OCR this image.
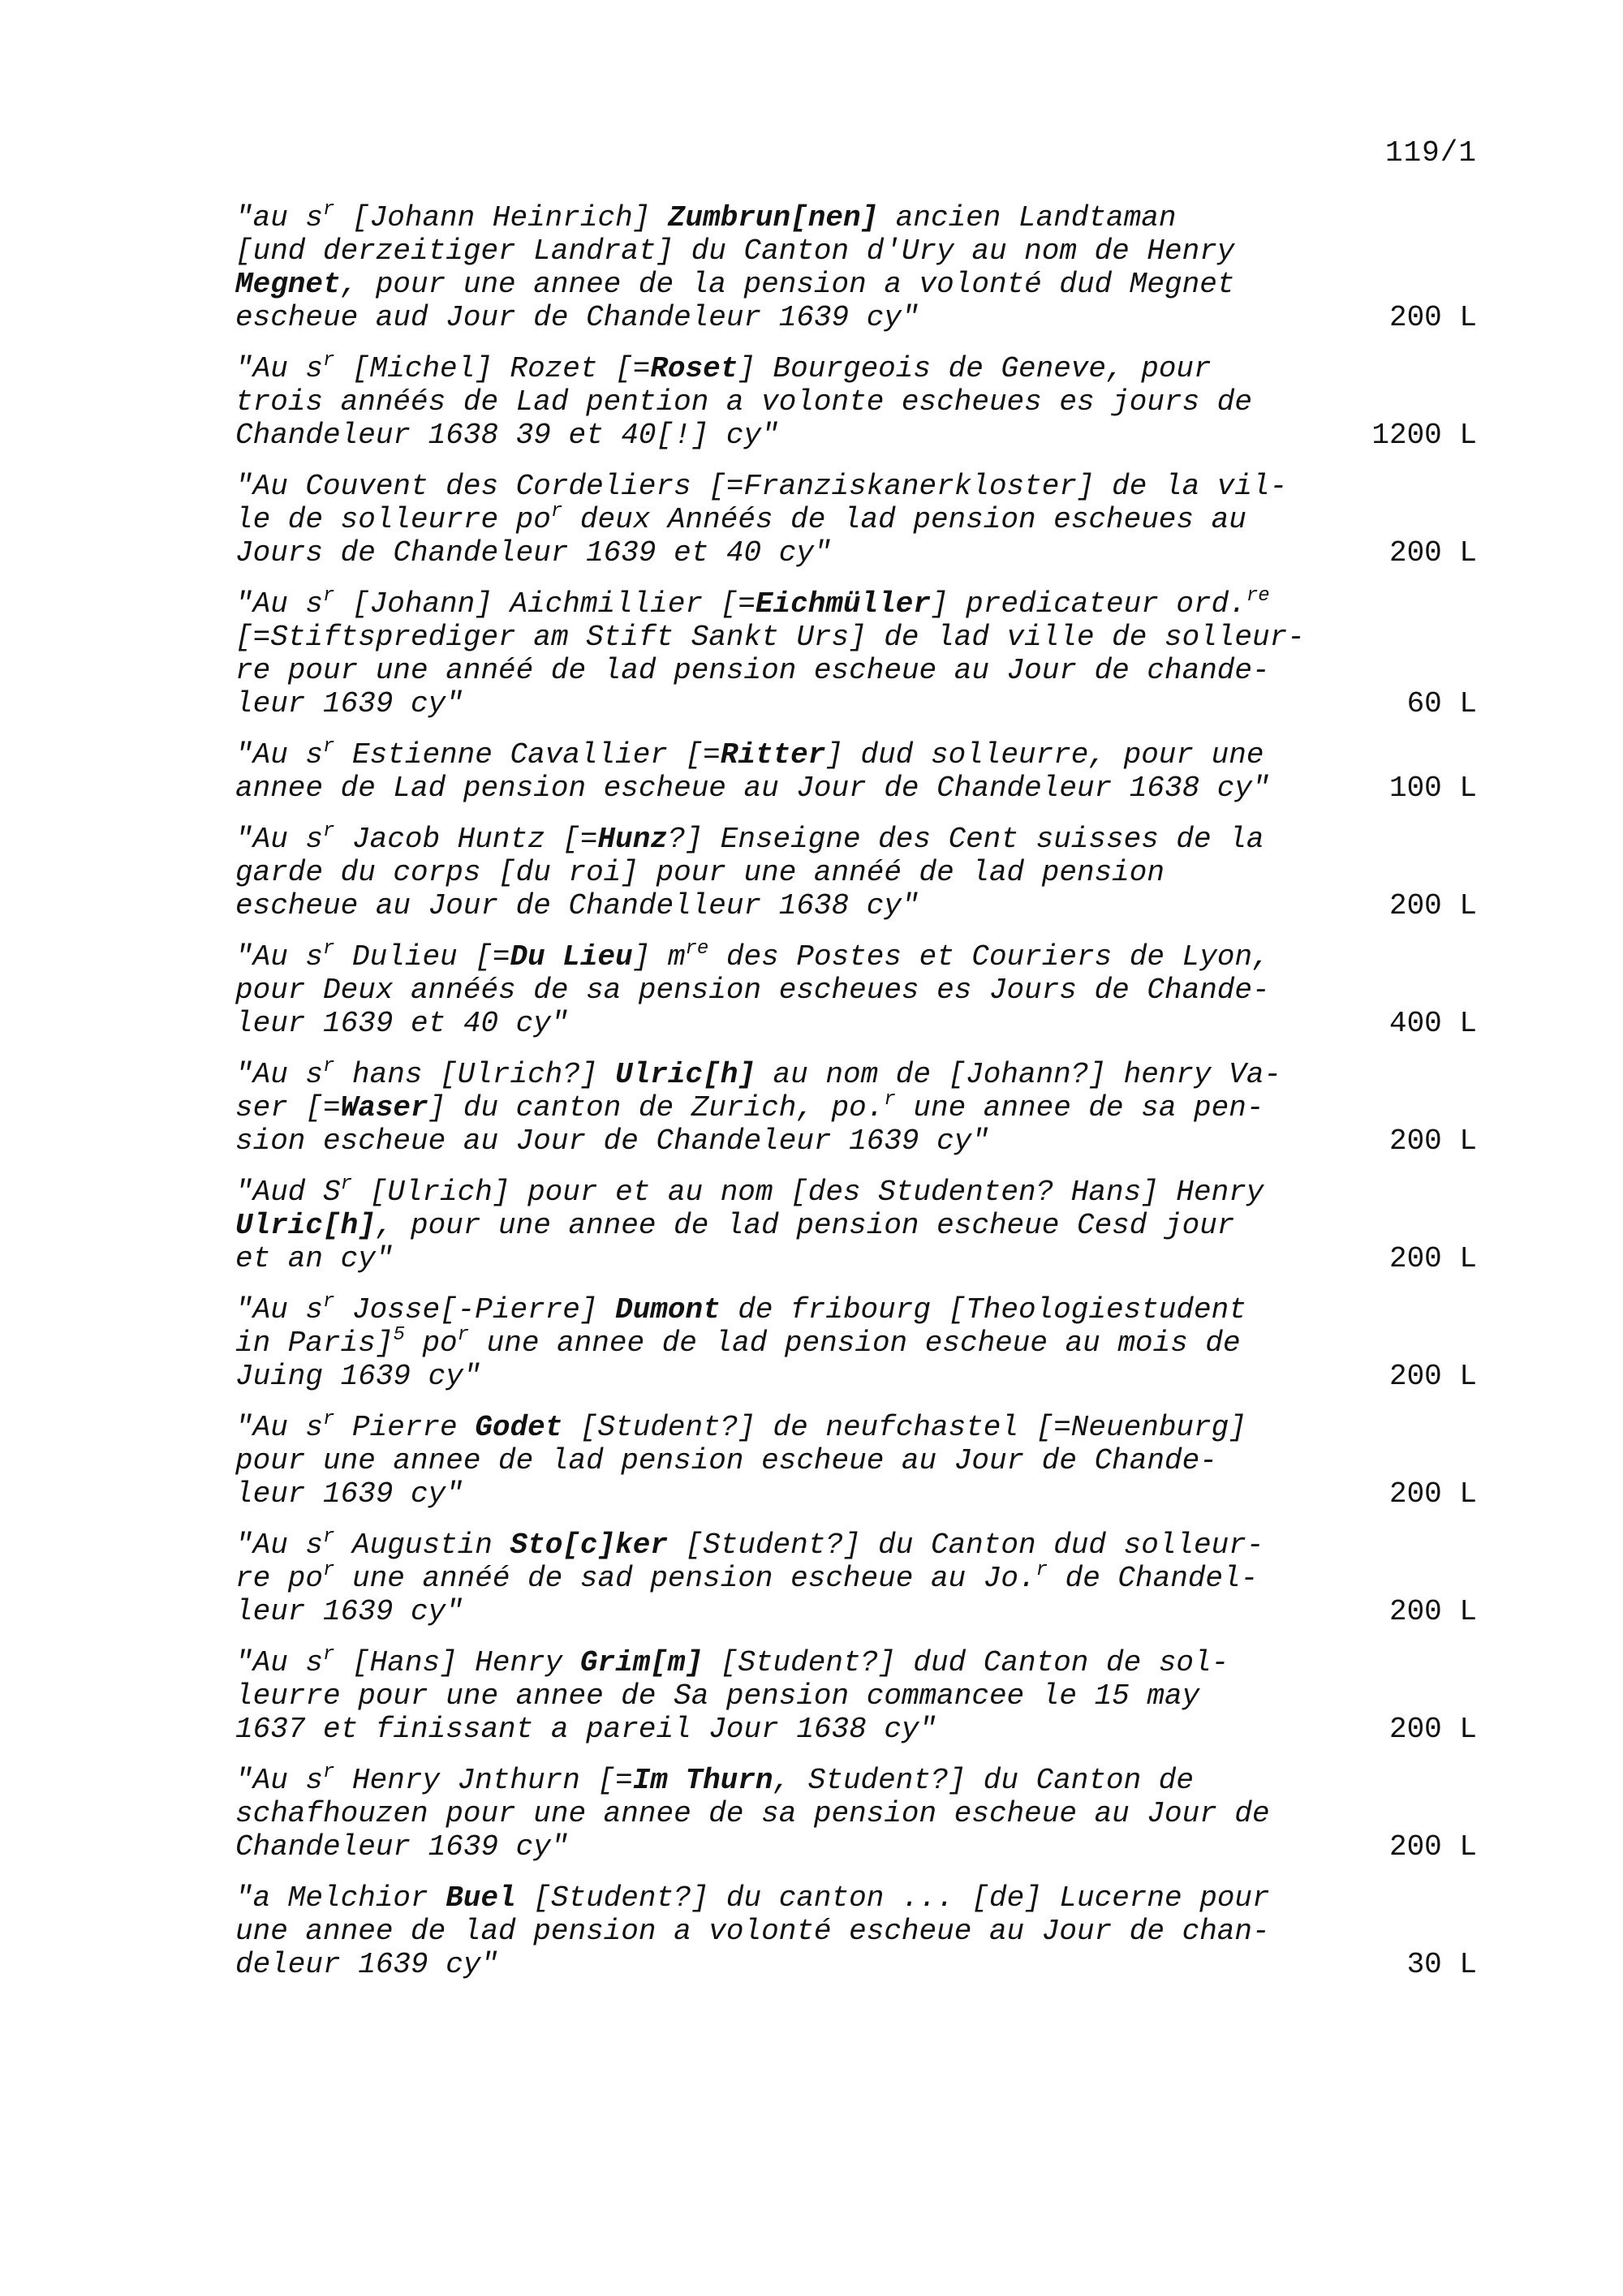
119/1
"au $s^r$ [Johann Heinrich] Zumbrun[nen] ancien Landtaman
[und derzeitiger Landrat] du Canton d'Ury au nom de Henry
Megnet, pour une annee de la pension a volonté dud Megnet
escheue aud Jour de Chandeleur 1639 cy"	200 L
"Au $s^r$ [Michel] Rozet [=Roset] Bourgeois de Geneve, pour
trois annéés de Lad pention a volonte escheues es jours de
Chandeleur 1638 39 et 40[!] cy"	1200 L
"Au Couvent des Cordeliers [=Franziskanerkloster] de la vil-
le de solleurre $po^r$ deux Annéés de lad pension escheues au
Jours de Chandeleur 1639 et 40 cy"	200 L
"Au $s^r$ [Johann] Aichmillier [=Eichmüller] predicateur ord.$^{re}$
[=Stiftsprediger am Stift Sankt Urs] de lad ville de solleur-
re pour une annéé de lad pension escheue au Jour de chande-
leur 1639 cy"	60 L
"Au $s^r$ Estienne Cavallier [=Ritter] dud solleurre, pour une
annee de Lad pension escheue au Jour de Chandeleur 1638 cy"	100 L
"Au $s^r$ Jacob Huntz [=Hunz?] Enseigne des Cent suisses de la
garde du corps [du roi] pour une annéé de lad pension
escheue au Jour de Chandelleur 1638 cy"	200 L
"Au $s^r$ Dulieu [=Du Lieu] $m^{re}$ des Postes et Couriers de Lyon,
pour Deux annéés de sa pension escheues es Jours de Chande-
leur 1639 et 40 cy"	400 L
"Au $s^r$ hans [Ulrich?] Ulric[h] au nom de [Johann?] henry Va-
ser [=Waser] du canton de Zurich, po.$^r$ une annee de sa pen-
sion escheue au Jour de Chandeleur 1639 cy"	200 L
"Aud $S^r$ [Ulrich] pour et au nom [des Studenten? Hans] Henry
Ulric[h], pour une annee de lad pension escheue Cesd jour
et an cy"	200 L
"Au $s^r$ Josse[-Pierre] Dumont de fribourg [Theologiestudent
in Paris]$^5$ $po^r$ une annee de lad pension escheue au mois de
Juing 1639 cy"	200 L
"Au $s^r$ Pierre Godet [Student?] de neufchastel [=Neuenburg]
pour une annee de lad pension escheue au Jour de Chande-
leur 1639 cy"	200 L
"Au $s^r$ Augustin Sto[c]ker [Student?] du Canton dud solleur-
re $po^r$ une annéé de sad pension escheue au Jo.$^r$ de Chandel-
leur 1639 cy"	200 L
"Au $s^r$ [Hans] Henry Grim[m] [Student?] dud Canton de sol-
leurre pour une annee de Sa pension commancee le 15 may
1637 et finissant a pareil Jour 1638 cy"	200 L
"Au $s^r$ Henry Jnthurn [=Im Thurn, Student?] du Canton de
schafhouzen pour une annee de sa pension escheue au Jour de
Chandeleur 1639 cy"	200 L
"a Melchior Buel [Student?] du canton ... [de] Lucerne pour
une annee de lad pension a volonté escheue au Jour de chan-
deleur 1639 cy"	30 L
